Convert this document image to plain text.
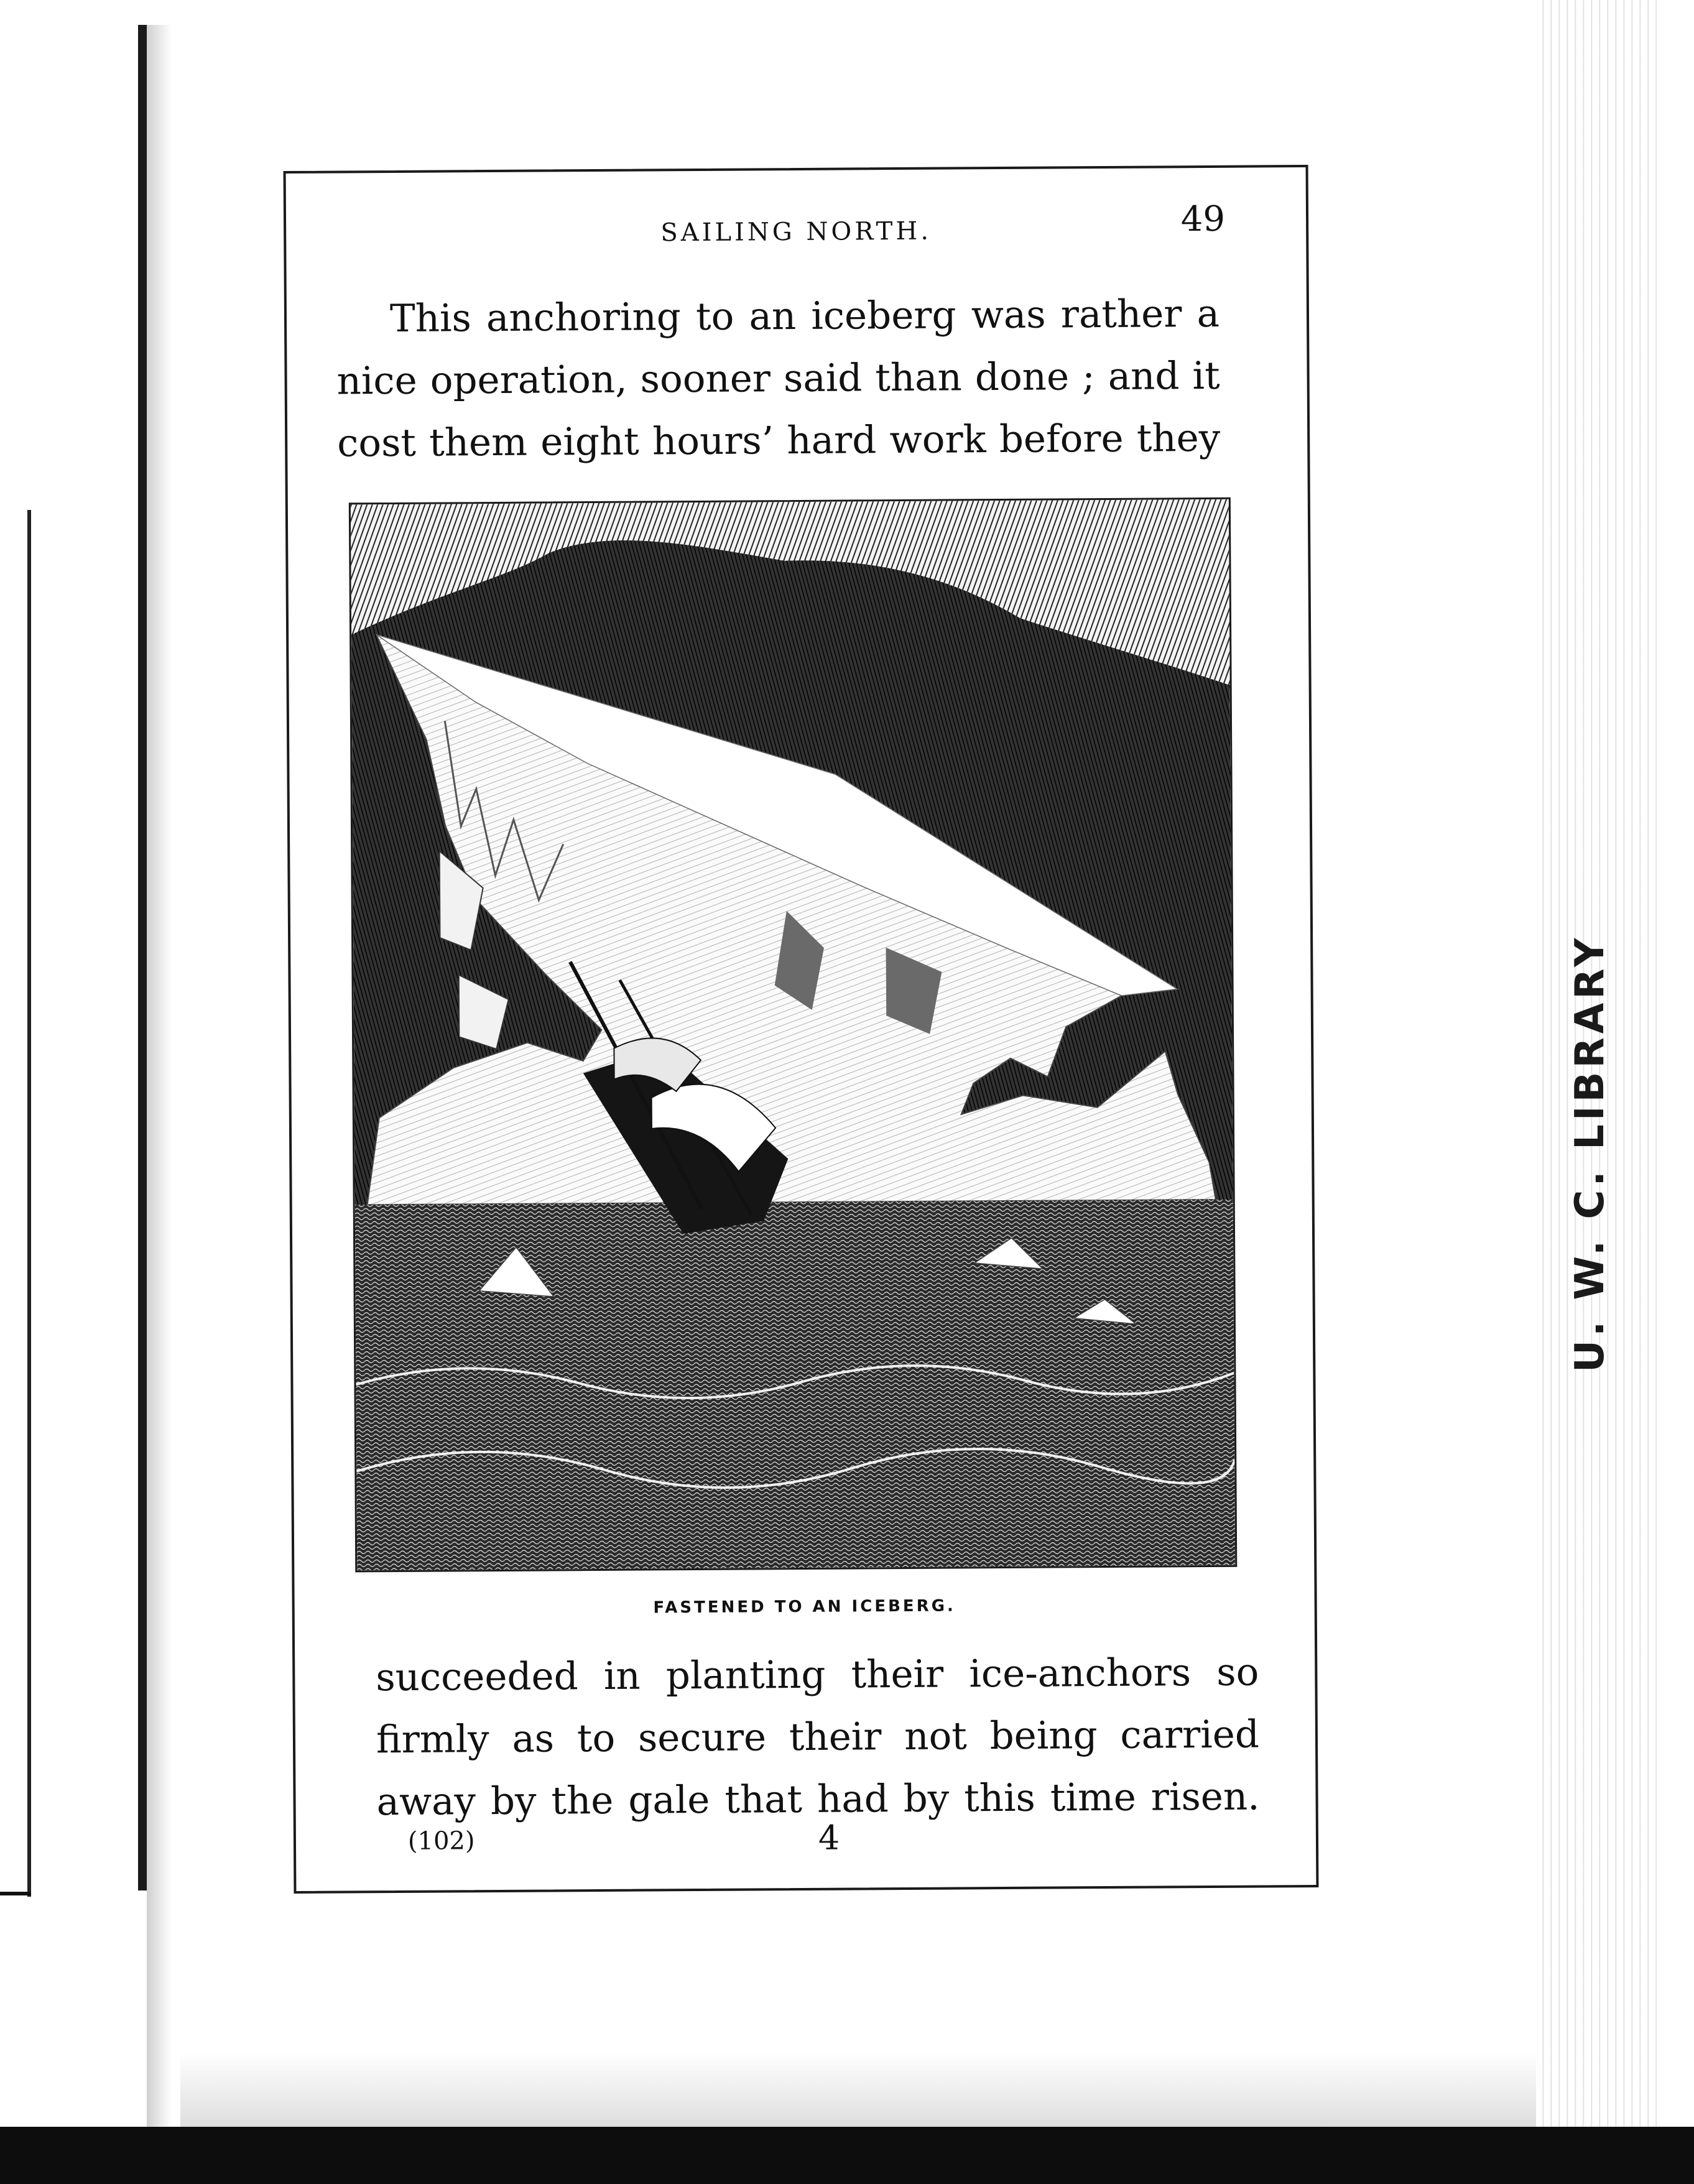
U. W. C. LIBRARY
SAILING NORTH.	49
This anchoring to an iceberg was rather a
nice operation, sooner said than done ; and it
cost them eight hours’ hard work before they
FASTENED TO AN ICEBERG.
succeeded in planting their ice-anchors so
firmly as to secure their not being carried
away by the gale that had by this time risen.
(102)	4
